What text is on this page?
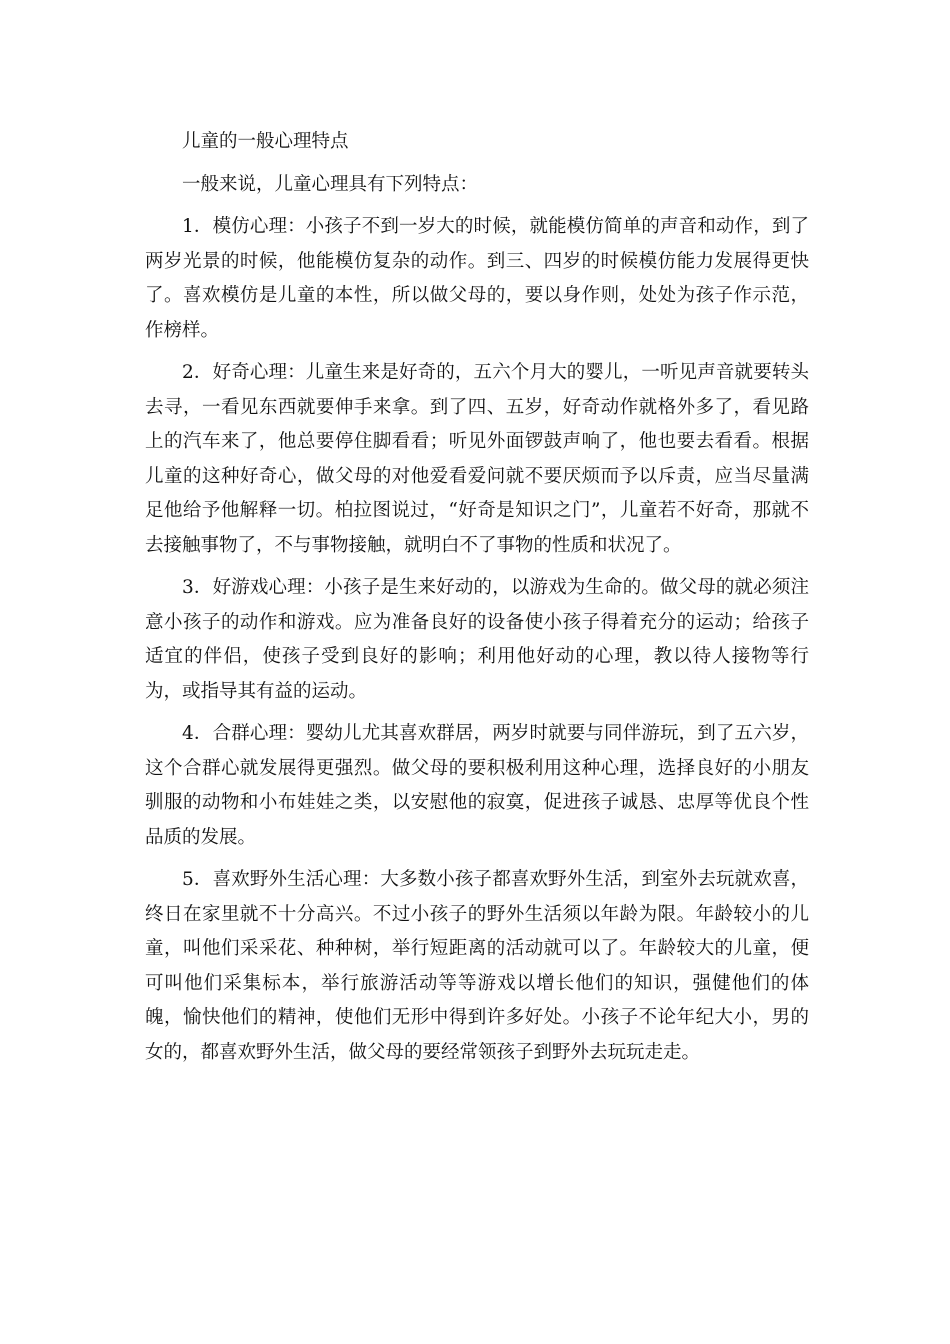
儿童的一般心理特点

一般来说，儿童心理具有下列特点：

1．模仿心理：小孩子不到一岁大的时候，就能模仿简单的声音和动作，到了两岁光景的时候，他能模仿复杂的动作。到三、四岁的时候模仿能力发展得更快了。喜欢模仿是儿童的本性，所以做父母的，要以身作则，处处为孩子作示范，作榜样。

2．好奇心理：儿童生来是好奇的，五六个月大的婴儿，一听见声音就要转头去寻，一看见东西就要伸手来拿。到了四、五岁，好奇动作就格外多了，看见路上的汽车来了，他总要停住脚看看；听见外面锣鼓声响了，他也要去看看。根据儿童的这种好奇心，做父母的对他爱看爱问就不要厌烦而予以斥责，应当尽量满足他给予他解释一切。柏拉图说过，“好奇是知识之门”，儿童若不好奇，那就不去接触事物了，不与事物接触，就明白不了事物的性质和状况了。

3．好游戏心理：小孩子是生来好动的，以游戏为生命的。做父母的就必须注意小孩子的动作和游戏。应为准备良好的设备使小孩子得着充分的运动；给孩子适宜的伴侣，使孩子受到良好的影响；利用他好动的心理，教以待人接物等行为，或指导其有益的运动。

4．合群心理：婴幼儿尤其喜欢群居，两岁时就要与同伴游玩，到了五六岁，这个合群心就发展得更强烈。做父母的要积极利用这种心理，选择良好的小朋友驯服的动物和小布娃娃之类，以安慰他的寂寞，促进孩子诚恳、忠厚等优良个性品质的发展。

5．喜欢野外生活心理：大多数小孩子都喜欢野外生活，到室外去玩就欢喜，终日在家里就不十分高兴。不过小孩子的野外生活须以年龄为限。年龄较小的儿童，叫他们采采花、种种树，举行短距离的活动就可以了。年龄较大的儿童，便可叫他们采集标本，举行旅游活动等等游戏以增长他们的知识，强健他们的体魄，愉快他们的精神，使他们无形中得到许多好处。小孩子不论年纪大小，男的女的，都喜欢野外生活，做父母的要经常领孩子到野外去玩玩走走。
